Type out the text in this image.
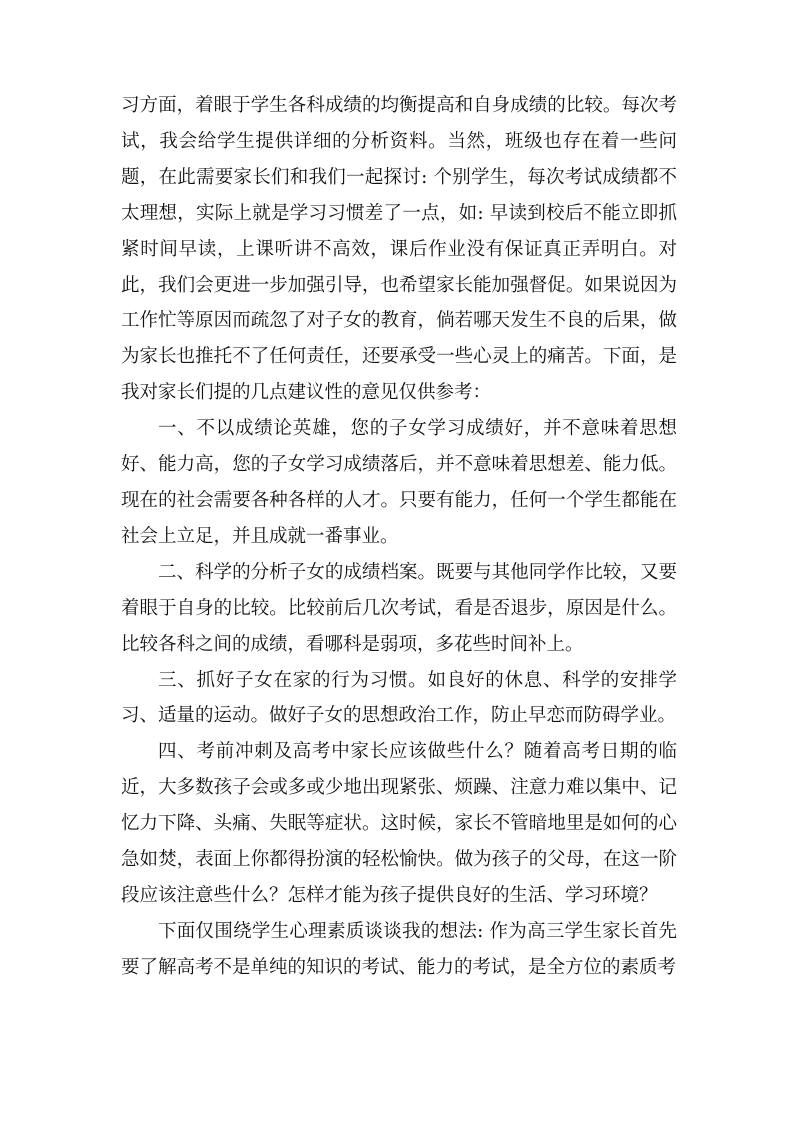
习方面，着眼于学生各科成绩的均衡提高和自身成绩的比较。每次考试，我会给学生提供详细的分析资料。当然，班级也存在着一些问题，在此需要家长们和我们一起探讨: 个别学生，每次考试成绩都不太理想，实际上就是学习习惯差了一点，如: 早读到校后不能立即抓紧时间早读，上课听讲不高效，课后作业没有保证真正弄明白。对此，我们会更进一步加强引导，也希望家长能加强督促。如果说因为工作忙等原因而疏忽了对子女的教育，倘若哪天发生不良的后果，做为家长也推托不了任何责任，还要承受一些心灵上的痛苦。下面，是我对家长们提的几点建议性的意见仅供参考：

一、不以成绩论英雄，您的子女学习成绩好，并不意味着思想好、能力高，您的子女学习成绩落后，并不意味着思想差、能力低。现在的社会需要各种各样的人才。只要有能力，任何一个学生都能在社会上立足，并且成就一番事业。

二、科学的分析子女的成绩档案。既要与其他同学作比较，又要着眼于自身的比较。比较前后几次考试，看是否退步，原因是什么。比较各科之间的成绩，看哪科是弱项，多花些时间补上。

三、抓好子女在家的行为习惯。如良好的休息、科学的安排学习、适量的运动。做好子女的思想政治工作，防止早恋而防碍学业。

四、考前冲刺及高考中家长应该做些什么？随着高考日期的临近，大多数孩子会或多或少地出现紧张、烦躁、注意力难以集中、记忆力下降、头痛、失眠等症状。这时候，家长不管暗地里是如何的心急如焚，表面上你都得扮演的轻松愉快。做为孩子的父母，在这一阶段应该注意些什么？怎样才能为孩子提供良好的生活、学习环境？

下面仅围绕学生心理素质谈谈我的想法: 作为高三学生家长首先要了解高考不是单纯的知识的考试、能力的考试，是全方位的素质考
